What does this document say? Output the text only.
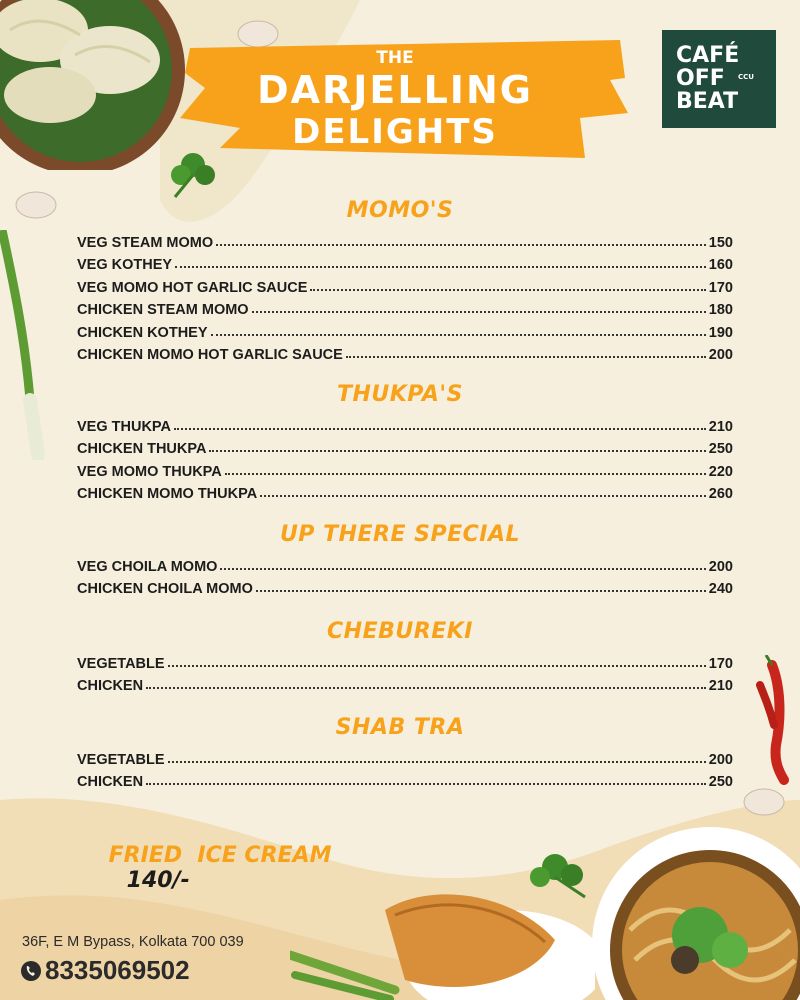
THE
DARJELLING
DELIGHTS
CAFÉ
OFF CCU
BEAT
MOMO'S
VEG STEAM MOMO	150
VEG KOTHEY	160
VEG MOMO HOT GARLIC SAUCE	170
CHICKEN STEAM MOMO	180
CHICKEN KOTHEY	190
CHICKEN MOMO HOT GARLIC SAUCE	200
THUKPA'S
VEG THUKPA	210
CHICKEN THUKPA	250
VEG MOMO THUKPA	220
CHICKEN MOMO THUKPA	260
UP THERE SPECIAL
VEG CHOILA MOMO	200
CHICKEN CHOILA MOMO	240
CHEBUREKI
VEGETABLE	170
CHICKEN	210
SHAB TRA
VEGETABLE	200
CHICKEN	250

FRIED  ICE CREAM
140/-

36F, E M Bypass, Kolkata 700 039
8335069502
